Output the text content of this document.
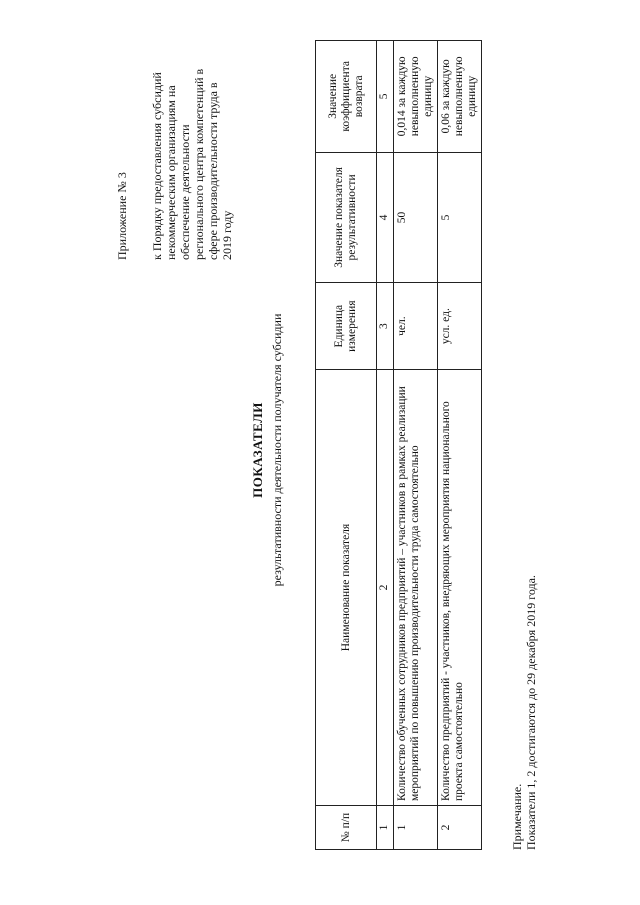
Приложение № 3 к Порядку предоставления субсидий некоммерческим организациям на обеспечение деятельности регионального центра компетенций в сфере производительности труда в 2019 году
ПОКАЗАТЕЛИ результативности деятельности получателя субсидии
№ п/п	Наименование показателя	Единица измерения	Значение показателя результативности	Значение коэффициента возврата
1	2	3	4	5
1	Количество обученных сотрудников предприятий – участников в рамках реализации мероприятий по повышению производительности труда самостоятельно	чел.	50	0,014 за каждую невыполненную единицу
2	Количество предприятий - участников, внедряющих мероприятия национального проекта самостоятельно	усл. ед.	5	0,06 за каждую невыполненную единицу
Примечание. Показатели 1, 2 достигаются до 29 декабря 2019 года.
